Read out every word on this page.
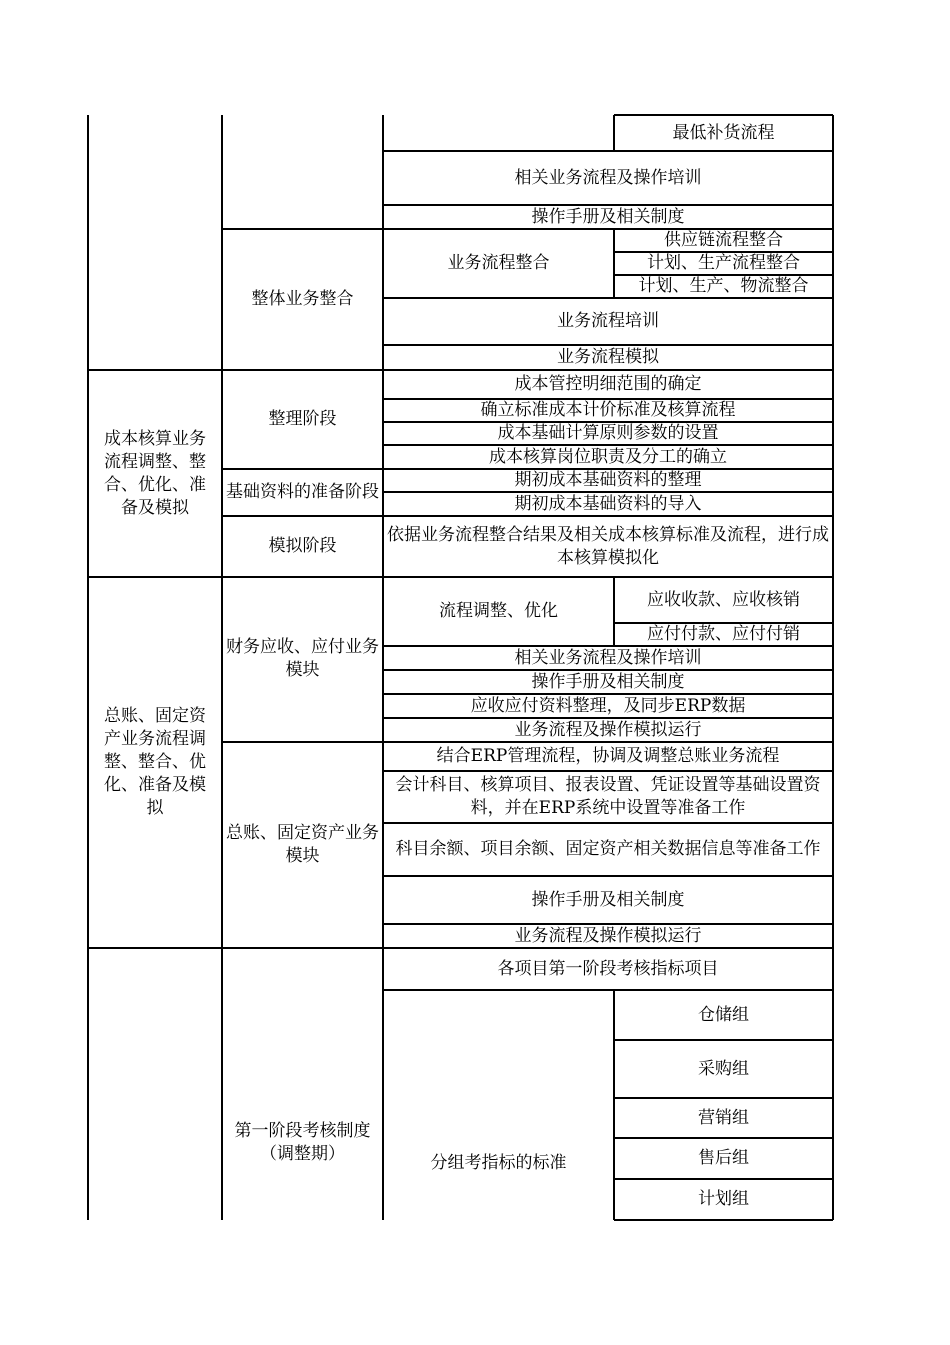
成本核算业务流程调整、整合、优化、准备及模拟
总账、固定资产业务流程调整、整合、优化、准备及模拟
整体业务整合
整理阶段
基础资料的准备阶段
模拟阶段
财务应收、应付业务模块
总账、固定资产业务模块
第一阶段考核制度（调整期）
业务流程整合
流程调整、优化
分组考指标的标准
最低补货流程
相关业务流程及操作培训
操作手册及相关制度
供应链流程整合
计划、生产流程整合
计划、生产、物流整合
业务流程培训
业务流程模拟
成本管控明细范围的确定
确立标准成本计价标准及核算流程
成本基础计算原则参数的设置
成本核算岗位职责及分工的确立
期初成本基础资料的整理
期初成本基础资料的导入
依据业务流程整合结果及相关成本核算标准及流程，进行成本核算模拟化
应收收款、应收核销
应付付款、应付付销
相关业务流程及操作培训
操作手册及相关制度
应收应付资料整理，及同步ERP数据
业务流程及操作模拟运行
结合ERP管理流程，协调及调整总账业务流程
会计科目、核算项目、报表设置、凭证设置等基础设置资料，并在ERP系统中设置等准备工作
科目余额、项目余额、固定资产相关数据信息等准备工作
操作手册及相关制度
业务流程及操作模拟运行
各项目第一阶段考核指标项目
仓储组
采购组
营销组
售后组
计划组
